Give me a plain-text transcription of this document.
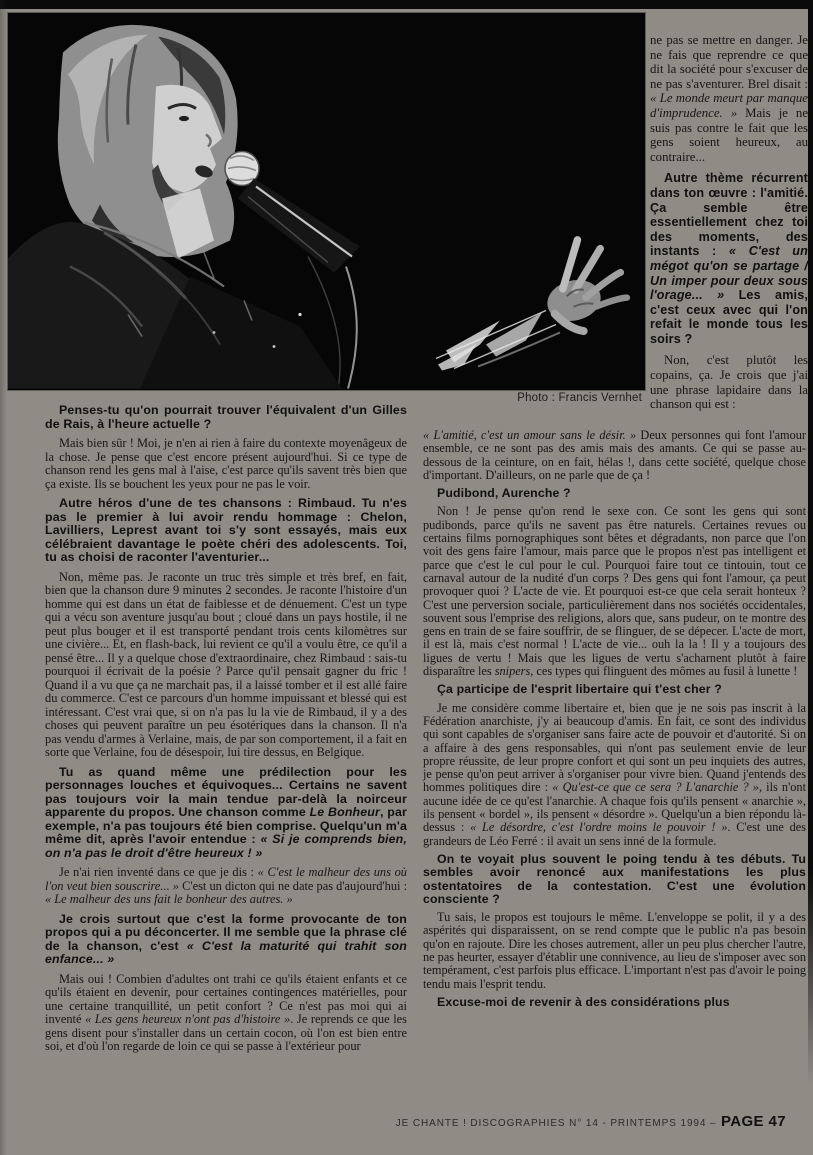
Photo : Francis Vernhet

Penses-tu qu'on pourrait trouver l'équivalent d'un Gilles de Rais, à l'heure actuelle ?

Mais bien sûr ! Moi, je n'en ai rien à faire du contexte moyenâgeux de la chose. Je pense que c'est encore présent aujourd'hui. Si ce type de chanson rend les gens mal à l'aise, c'est parce qu'ils savent très bien que ça existe. Ils se bouchent les yeux pour ne pas le voir.

Autre héros d'une de tes chansons : Rimbaud. Tu n'es pas le premier à lui avoir rendu hommage : Chelon, Lavilliers, Leprest avant toi s'y sont essayés, mais eux célébraient davantage le poète chéri des adolescents. Toi, tu as choisi de raconter l'aventurier...

Non, même pas. Je raconte un truc très simple et très bref, en fait, bien que la chanson dure 9 minutes 2 secondes. Je raconte l'histoire d'un homme qui est dans un état de faiblesse et de dénuement. C'est un type qui a vécu son aventure jusqu'au bout ; cloué dans un pays hostile, il ne peut plus bouger et il est transporté pendant trois cents kilomètres sur une civière... Et, en flash-back, lui revient ce qu'il a voulu être, ce qu'il a pensé être... Il y a quelque chose d'extraordinaire, chez Rimbaud : sais-tu pourquoi il écrivait de la poésie ? Parce qu'il pensait gagner du fric ! Quand il a vu que ça ne marchait pas, il a laissé tomber et il est allé faire du commerce. C'est ce parcours d'un homme impuissant et blessé qui est intéressant. C'est vrai que, si on n'a pas lu la vie de Rimbaud, il y a des choses qui peuvent paraître un peu ésotériques dans la chanson. Il n'a pas vendu d'armes à Verlaine, mais, de par son comportement, il a fait en sorte que Verlaine, fou de désespoir, lui tire dessus, en Belgique.

Tu as quand même une prédilection pour les personnages louches et équivoques... Certains ne savent pas toujours voir la main tendue par-delà la noirceur apparente du propos. Une chanson comme Le Bonheur, par exemple, n'a pas toujours été bien comprise. Quelqu'un m'a même dit, après l'avoir entendue : « Si je comprends bien, on n'a pas le droit d'être heureux ! »

Je n'ai rien inventé dans ce que je dis : « C'est le malheur des uns où l'on veut bien souscrire... » C'est un dicton qui ne date pas d'aujourd'hui : « Le malheur des uns fait le bonheur des autres. »

Je crois surtout que c'est la forme provocante de ton propos qui a pu déconcerter. Il me semble que la phrase clé de la chanson, c'est « C'est la maturité qui trahit son enfance... »

Mais oui ! Combien d'adultes ont trahi ce qu'ils étaient enfants et ce qu'ils étaient en devenir, pour certaines contingences matérielles, pour une certaine tranquillité, un petit confort ? Ce n'est pas moi qui ai inventé « Les gens heureux n'ont pas d'histoire ». Je reprends ce que les gens disent pour s'installer dans un certain cocon, où l'on est bien entre soi, et d'où l'on regarde de loin ce qui se passe à l'extérieur pour

ne pas se mettre en danger. Je ne fais que reprendre ce que dit la société pour s'excuser de ne pas s'aventurer. Brel disait : « Le monde meurt par manque d'imprudence. » Mais je ne suis pas contre le fait que les gens soient heureux, au contraire...

Autre thème récurrent dans ton œuvre : l'amitié. Ça semble être essentiellement chez toi des moments, des instants : « C'est un mégot qu'on se partage / Un imper pour deux sous l'orage... » Les amis, c'est ceux avec qui l'on refait le monde tous les soirs ?

Non, c'est plutôt les copains, ça. Je crois que j'ai une phrase lapidaire dans la chanson qui est :

« L'amitié, c'est un amour sans le désir. » Deux personnes qui font l'amour ensemble, ce ne sont pas des amis mais des amants. Ce qui se passe au-dessous de la ceinture, on en fait, hélas !, dans cette société, quelque chose d'important. D'ailleurs, on ne parle que de ça !

Pudibond, Aurenche ?

Non ! Je pense qu'on rend le sexe con. Ce sont les gens qui sont pudibonds, parce qu'ils ne savent pas être naturels. Certaines revues ou certains films pornographiques sont bêtes et dégradants, non parce que l'on voit des gens faire l'amour, mais parce que le propos n'est pas intelligent et parce que c'est le cul pour le cul. Pourquoi faire tout ce tintouin, tout ce carnaval autour de la nudité d'un corps ? Des gens qui font l'amour, ça peut provoquer quoi ? L'acte de vie. Et pourquoi est-ce que cela serait honteux ? C'est une perversion sociale, particulièrement dans nos sociétés occidentales, souvent sous l'emprise des religions, alors que, sans pudeur, on te montre des gens en train de se faire souffrir, de se flinguer, de se dépecer. L'acte de mort, il est là, mais c'est normal ! L'acte de vie... ouh la la ! Il y a toujours des ligues de vertu ! Mais que les ligues de vertu s'acharnent plutôt à faire disparaître les snipers, ces types qui flinguent des mômes au fusil à lunette !

Ça participe de l'esprit libertaire qui t'est cher ?

Je me considère comme libertaire et, bien que je ne sois pas inscrit à la Fédération anarchiste, j'y ai beaucoup d'amis. En fait, ce sont des individus qui sont capables de s'organiser sans faire acte de pouvoir et d'autorité. Si on a affaire à des gens responsables, qui n'ont pas seulement envie de leur propre réussite, de leur propre confort et qui sont un peu inquiets des autres, je pense qu'on peut arriver à s'organiser pour vivre bien. Quand j'entends des hommes politiques dire : « Qu'est-ce que ce sera ? L'anarchie ? », ils n'ont aucune idée de ce qu'est l'anarchie. A chaque fois qu'ils pensent « anarchie », ils pensent « bordel », ils pensent « désordre ». Quelqu'un a bien répondu là-dessus : « Le désordre, c'est l'ordre moins le pouvoir ! ». C'est une des grandeurs de Léo Ferré : il avait un sens inné de la formule.

On te voyait plus souvent le poing tendu à tes débuts. Tu sembles avoir renoncé aux manifestations les plus ostentatoires de la contestation. C'est une évolution consciente ?

Tu sais, le propos est toujours le même. L'enveloppe se polit, il y a des aspérités qui disparaissent, on se rend compte que le public n'a pas besoin qu'on en rajoute. Dire les choses autrement, aller un peu plus chercher l'autre, ne pas heurter, essayer d'établir une connivence, au lieu de s'imposer avec son tempérament, c'est parfois plus efficace. L'important n'est pas d'avoir le poing tendu mais l'esprit tendu.

Excuse-moi de revenir à des considérations plus

JE CHANTE ! DISCOGRAPHIES N° 14 - PRINTEMPS 1994 – PAGE 47
